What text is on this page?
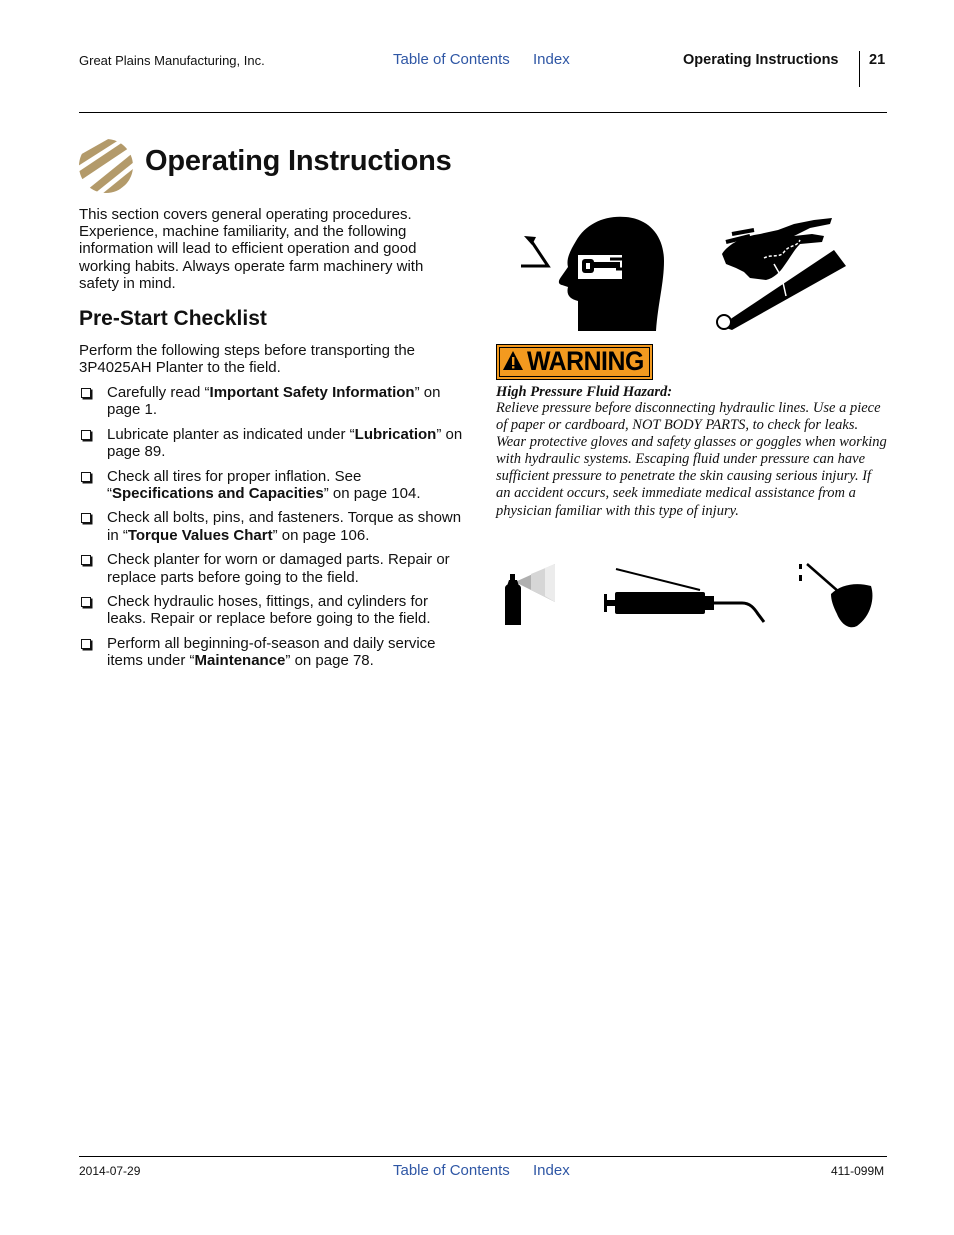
Great Plains Manufacturing, Inc.	Table of Contents Index	Operating Instructions 21
Operating Instructions
This section covers general operating procedures. Experience, machine familiarity, and the following information will lead to efficient operation and good working habits. Always operate farm machinery with safety in mind.
Pre-Start Checklist
Perform the following steps before transporting the 3P4025AH Planter to the field.
Carefully read “Important Safety Information” on page 1.
Lubricate planter as indicated under “Lubrication” on page 89.
Check all tires for proper inflation. See “Specifications and Capacities” on page 104.
Check all bolts, pins, and fasteners. Torque as shown in “Torque Values Chart” on page 106.
Check planter for worn or damaged parts. Repair or replace parts before going to the field.
Check hydraulic hoses, fittings, and cylinders for leaks. Repair or replace before going to the field.
Perform all beginning-of-season and daily service items under “Maintenance” on page 78.
WARNING
High Pressure Fluid Hazard:
Relieve pressure before disconnecting hydraulic lines. Use a piece of paper or cardboard, NOT BODY PARTS, to check for leaks. Wear protective gloves and safety glasses or goggles when working with hydraulic systems. Escaping fluid under pressure can have sufficient pressure to penetrate the skin causing serious injury. If an accident occurs, seek immediate medical assistance from a physician familiar with this type of injury.
2014-07-29	Table of Contents Index	411-099M
